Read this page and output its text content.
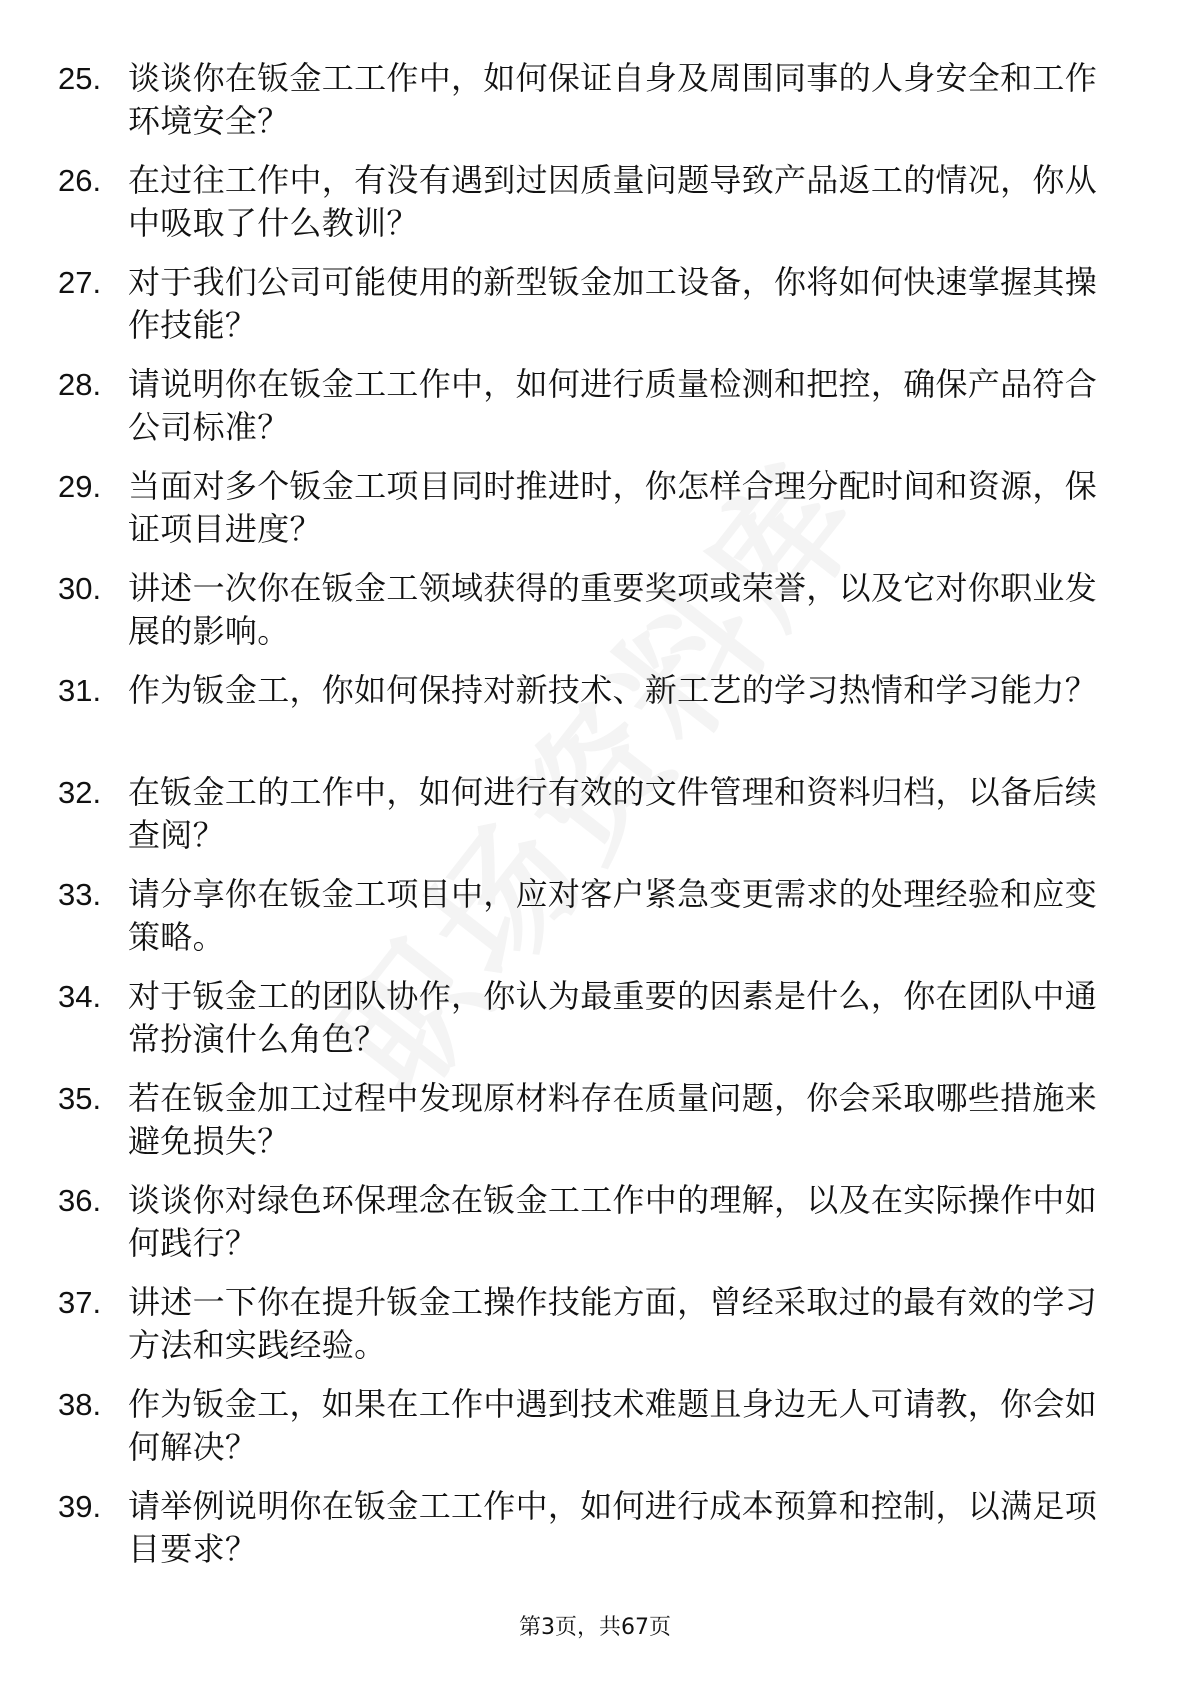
25. 谈谈你在钣金工工作中，如何保证自身及周围同事的人身安全和工作环境安全？
26. 在过往工作中，有没有遇到过因质量问题导致产品返工的情况，你从中吸取了什么教训？
27. 对于我们公司可能使用的新型钣金加工设备，你将如何快速掌握其操作技能？
28. 请说明你在钣金工工作中，如何进行质量检测和把控，确保产品符合公司标准？
29. 当面对多个钣金工项目同时推进时，你怎样合理分配时间和资源，保证项目进度？
30. 讲述一次你在钣金工领域获得的重要奖项或荣誉，以及它对你职业发展的影响。
31. 作为钣金工，你如何保持对新技术、新工艺的学习热情和学习能力？
32. 在钣金工的工作中，如何进行有效的文件管理和资料归档，以备后续查阅？
33. 请分享你在钣金工项目中，应对客户紧急变更需求的处理经验和应变策略。
34. 对于钣金工的团队协作，你认为最重要的因素是什么，你在团队中通常扮演什么角色？
35. 若在钣金加工过程中发现原材料存在质量问题，你会采取哪些措施来避免损失？
36. 谈谈你对绿色环保理念在钣金工工作中的理解，以及在实际操作中如何践行？
37. 讲述一下你在提升钣金工操作技能方面，曾经采取过的最有效的学习方法和实践经验。
38. 作为钣金工，如果在工作中遇到技术难题且身边无人可请教，你会如何解决？
39. 请举例说明你在钣金工工作中，如何进行成本预算和控制，以满足项目要求？
第3页，共67页
